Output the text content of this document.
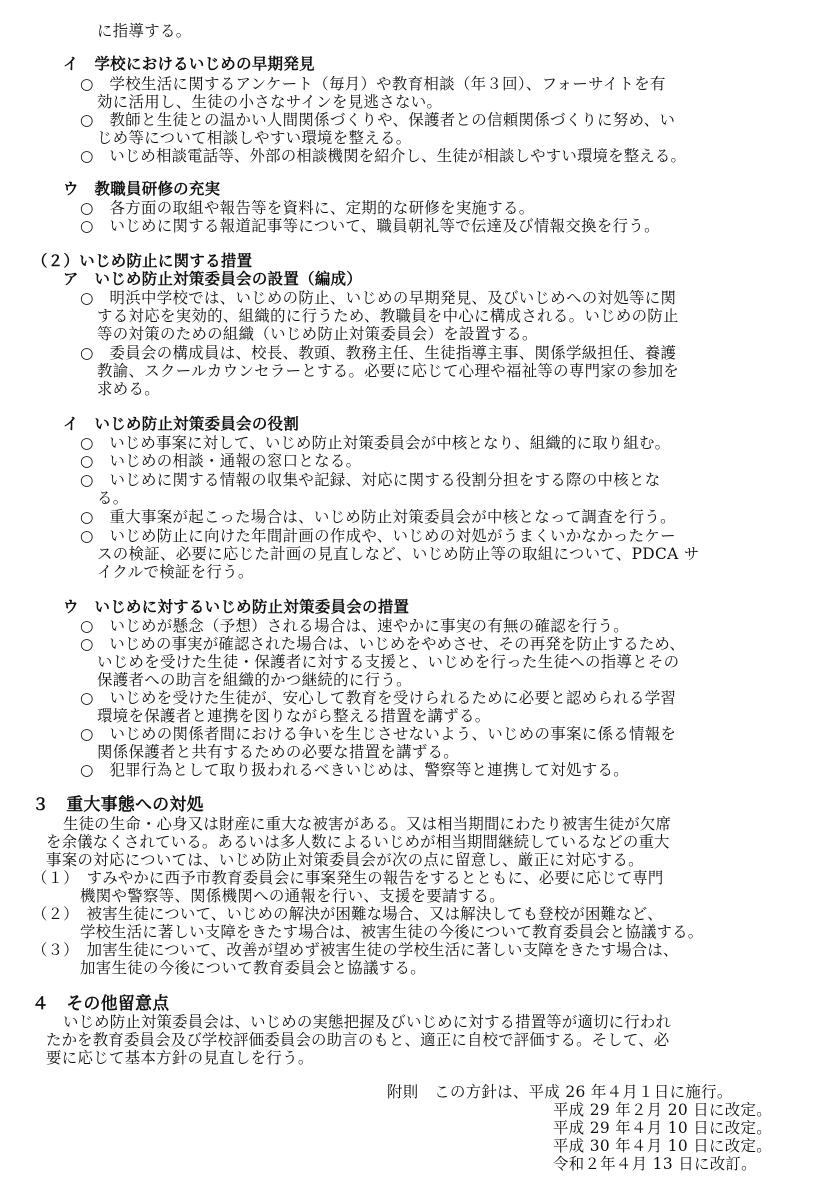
に指導する。
イ　学校におけるいじめの早期発見
○　学校生活に関するアンケート（毎月）や教育相談（年３回）、フォーサイトを有
効に活用し、生徒の小さなサインを見逃さない。
○　教師と生徒との温かい人間関係づくりや、保護者との信頼関係づくりに努め、い
じめ等について相談しやすい環境を整える。
○　いじめ相談電話等、外部の相談機関を紹介し、生徒が相談しやすい環境を整える。
ウ　教職員研修の充実
○　各方面の取組や報告等を資料に、定期的な研修を実施する。
○　いじめに関する報道記事等について、職員朝礼等で伝達及び情報交換を行う。
（２）いじめ防止に関する措置
ア　いじめ防止対策委員会の設置（編成）
○　明浜中学校では、いじめの防止、いじめの早期発見、及びいじめへの対処等に関
する対応を実効的、組織的に行うため、教職員を中心に構成される。いじめの防止
等の対策のための組織（いじめ防止対策委員会）を設置する。
○　委員会の構成員は、校長、教頭、教務主任、生徒指導主事、関係学級担任、養護
教諭、スクールカウンセラーとする。必要に応じて心理や福祉等の専門家の参加を
求める。
イ　いじめ防止対策委員会の役割
○　いじめ事案に対して、いじめ防止対策委員会が中核となり、組織的に取り組む。
○　いじめの相談・通報の窓口となる。
○　いじめに関する情報の収集や記録、対応に関する役割分担をする際の中核とな
る。
○　重大事案が起こった場合は、いじめ防止対策委員会が中核となって調査を行う。
○　いじめ防止に向けた年間計画の作成や、いじめの対処がうまくいかなかったケー
スの検証、必要に応じた計画の見直しなど、いじめ防止等の取組について、PDCA サ
イクルで検証を行う。
ウ　いじめに対するいじめ防止対策委員会の措置
○　いじめが懸念（予想）される場合は、速やかに事実の有無の確認を行う。
○　いじめの事実が確認された場合は、いじめをやめさせ、その再発を防止するため、
いじめを受けた生徒・保護者に対する支援と、いじめを行った生徒への指導とその
保護者への助言を組織的かつ継続的に行う。
○　いじめを受けた生徒が、安心して教育を受けられるために必要と認められる学習
環境を保護者と連携を図りながら整える措置を講ずる。
○　いじめの関係者間における争いを生じさせないよう、いじめの事案に係る情報を
関係保護者と共有するための必要な措置を講ずる。
○　犯罪行為として取り扱われるべきいじめは、警察等と連携して対処する。
３　重大事態への対処
生徒の生命・心身又は財産に重大な被害がある。又は相当期間にわたり被害生徒が欠席
を余儀なくされている。あるいは多人数によるいじめが相当期間継続しているなどの重大
事案の対応については、いじめ防止対策委員会が次の点に留意し、厳正に対応する。
（１）　すみやかに西予市教育委員会に事案発生の報告をするとともに、必要に応じて専門
機関や警察等、関係機関への通報を行い、支援を要請する。
（２）　被害生徒について、いじめの解決が困難な場合、又は解決しても登校が困難など、
学校生活に著しい支障をきたす場合は、被害生徒の今後について教育委員会と協議する。
（３）　加害生徒について、改善が望めず被害生徒の学校生活に著しい支障をきたす場合は、
加害生徒の今後について教育委員会と協議する。
４　その他留意点
いじめ防止対策委員会は、いじめの実態把握及びいじめに対する措置等が適切に行われ
たかを教育委員会及び学校評価委員会の助言のもと、適正に自校で評価する。そして、必
要に応じて基本方針の見直しを行う。
附則　この方針は、平成 26 年４月１日に施行。
平成 29 年２月 20 日に改定。
平成 29 年４月 10 日に改定。
平成 30 年４月 10 日に改定。
令和２年４月 13 日に改訂。
